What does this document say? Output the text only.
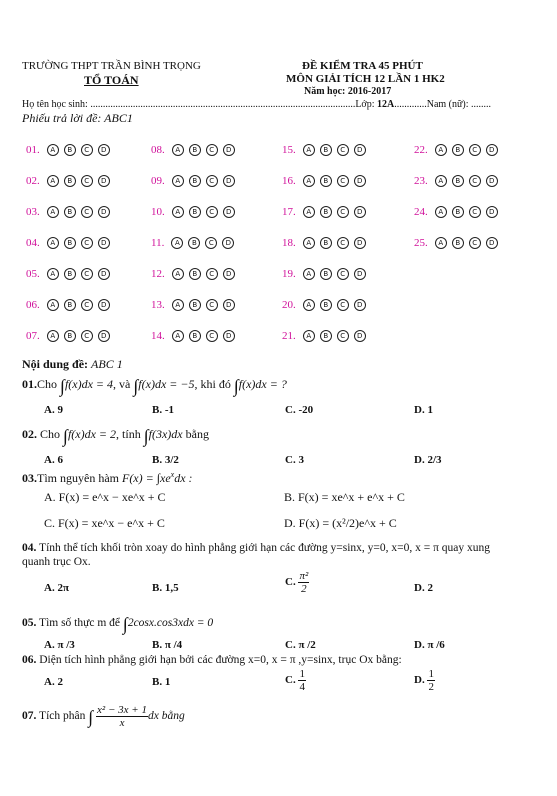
TRƯỜNG THPT TRẦN BÌNH TRỌNG
TỔ TOÁN
ĐỀ KIỂM TRA 45 PHÚT
MÔN GIẢI TÍCH 12 LẦN 1 HK2
Năm học: 2016-2017
Họ tên học sinh: ..........................................................................................................Lớp: 12A.............Nam (nữ): ........
Phiếu trả lời đề: ABC1
01. A B C D
02. A B C D
03. A B C D
04. A B C D
05. A B C D
06. A B C D
07. A B C D
08. A B C D
09. A B C D
10. A B C D
11. A B C D
12. A B C D
13. A B C D
14. A B C D
15. A B C D
16. A B C D
17. A B C D
18. A B C D
19. A B C D
20. A B C D
21. A B C D
22. A B C D
23. A B C D
24. A B C D
25. A B C D
Nội dung đề: ABC 1
01.Cho ∫f(x)dx = 4, và ∫f(x)dx = −5, khi đó ∫f(x)dx = ?
A. 9	B. -1	C. -20	D. 1
02. Cho ∫f(x)dx = 2, tính ∫f(3x)dx bằng
A. 6	B. 3/2	C. 3	D. 2/3
03.Tìm nguyên hàm $F(x) = \int xe^xdx$ :
A. F(x) = e^x − xe^x + C	B. F(x) = xe^x + e^x + C
C. F(x) = xe^x − e^x + C	D. F(x) = (x²/2)e^x + C
04. Tính thể tích khối tròn xoay do hình phẳng giới hạn các đường y=sinx, y=0, x=0, x = π quay xung
quanh trục Ox.
A. 2π	B. 1,5	C. $\frac{\text{π²}}{2}$	D. 2
05. Tìm số thực m để ∫2cosx.cos3xdx = 0
A. π /3	B. π /4	C. π /2	D. π /6
06. Diện tích hình phẳng giới hạn bởi các đường x=0, x = π ,y=sinx, trục Ox bằng:
A. 2	B. 1	C. $\frac{1}{4}$	D. $\frac{1}{2}$
07. Tích phân ∫ $\frac{\text{x² − 3x + 1}}{x}$ dx bằng
